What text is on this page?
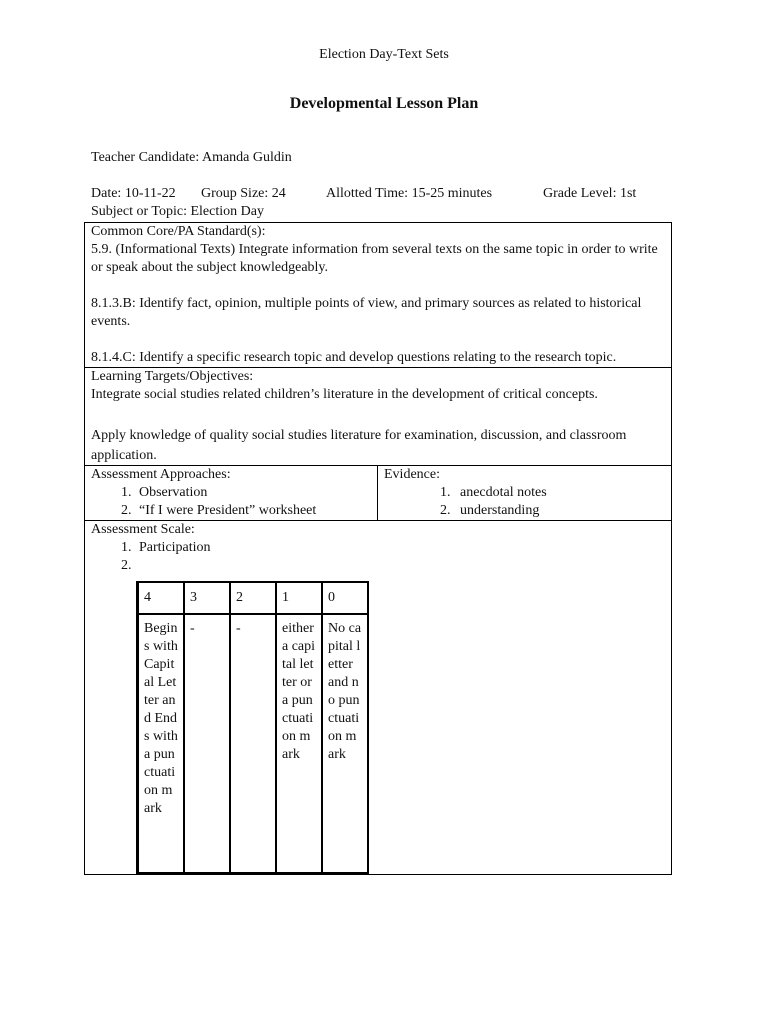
Election Day-Text Sets
Developmental Lesson Plan
Teacher Candidate: Amanda Guldin
Date: 10-11-22 Group Size: 24	Allotted Time: 15-25 minutes	Grade Level: 1st
Subject or Topic: Election Day

Common Core/PA Standard(s):

5.9. (Informational Texts) Integrate information from several texts on the same topic in order to write or speak about the subject knowledgeably.

8.1.3.B: Identify fact, opinion, multiple points of view, and primary sources as related to historical

events.

8.1.4.C: Identify a specific research topic and develop questions relating to the research topic.

Learning Targets/Objectives:

Integrate social studies related children’s literature in the development of critical concepts.

Apply knowledge of quality social studies literature for examination, discussion, and classroom

application.

Assessment Approaches:

1. Observation
2. “If I were President” worksheet

Evidence:

1. anecdotal notes
2. understanding

Assessment Scale:

1. Participation
2.
4	3	2	1	0
Begins with Capital Letter and Ends with a punctuation mark	-	-	either a capital letter or a punctuation mark	No capital letter and no punctuation mark
